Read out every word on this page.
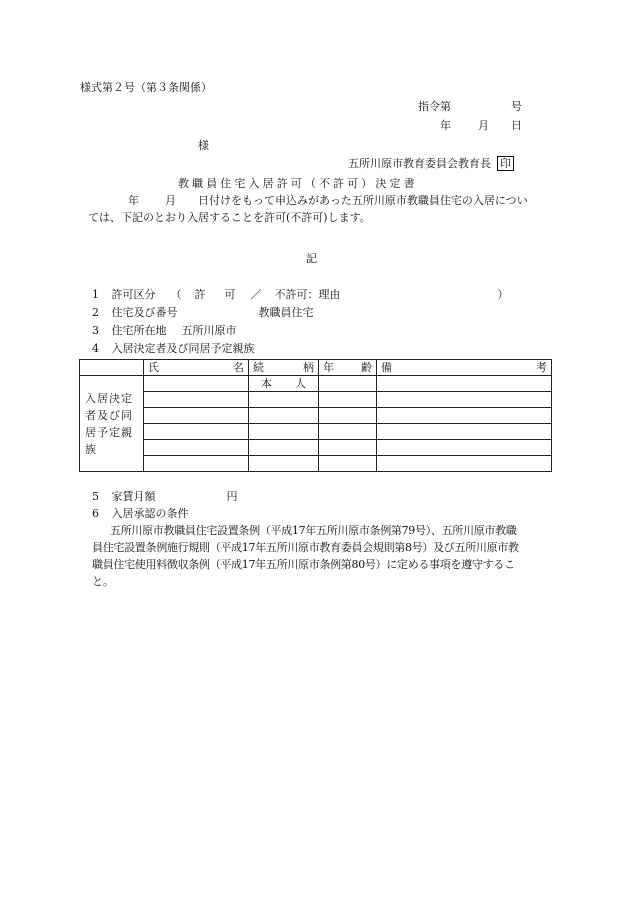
様式第２号（第３条関係）
指令第	号
年 月 日
様
五所川原市教育委員会教育長 印
教職員住宅入居許可（不許可）決定書

年 月 日付けをもって申込みがあった五所川原市教職員住宅の入居につい

ては、下記のとおり入居することを許可(不許可)します。

記
1 許可区分 （ 許 可 ／ 不許可：理由	）
2 住宅及び番号	教職員住宅
3 住宅所在地 五所川原市
4 入居決定者及び同居予定親族

	氏 名	続 柄	年 齢	備 考

入居決定者及び同居予定親族		本 人		

5 家賃月額	円
6 入居承認の条件

五所川原市教職員住宅設置条例（平成17年五所川原市条例第79号）、五所川原市教職

員住宅設置条例施行規則（平成17年五所川原市教育委員会規則第8号）及び五所川原市教

職員住宅使用料徴収条例（平成17年五所川原市条例第80号）に定める事項を遵守するこ

と。
